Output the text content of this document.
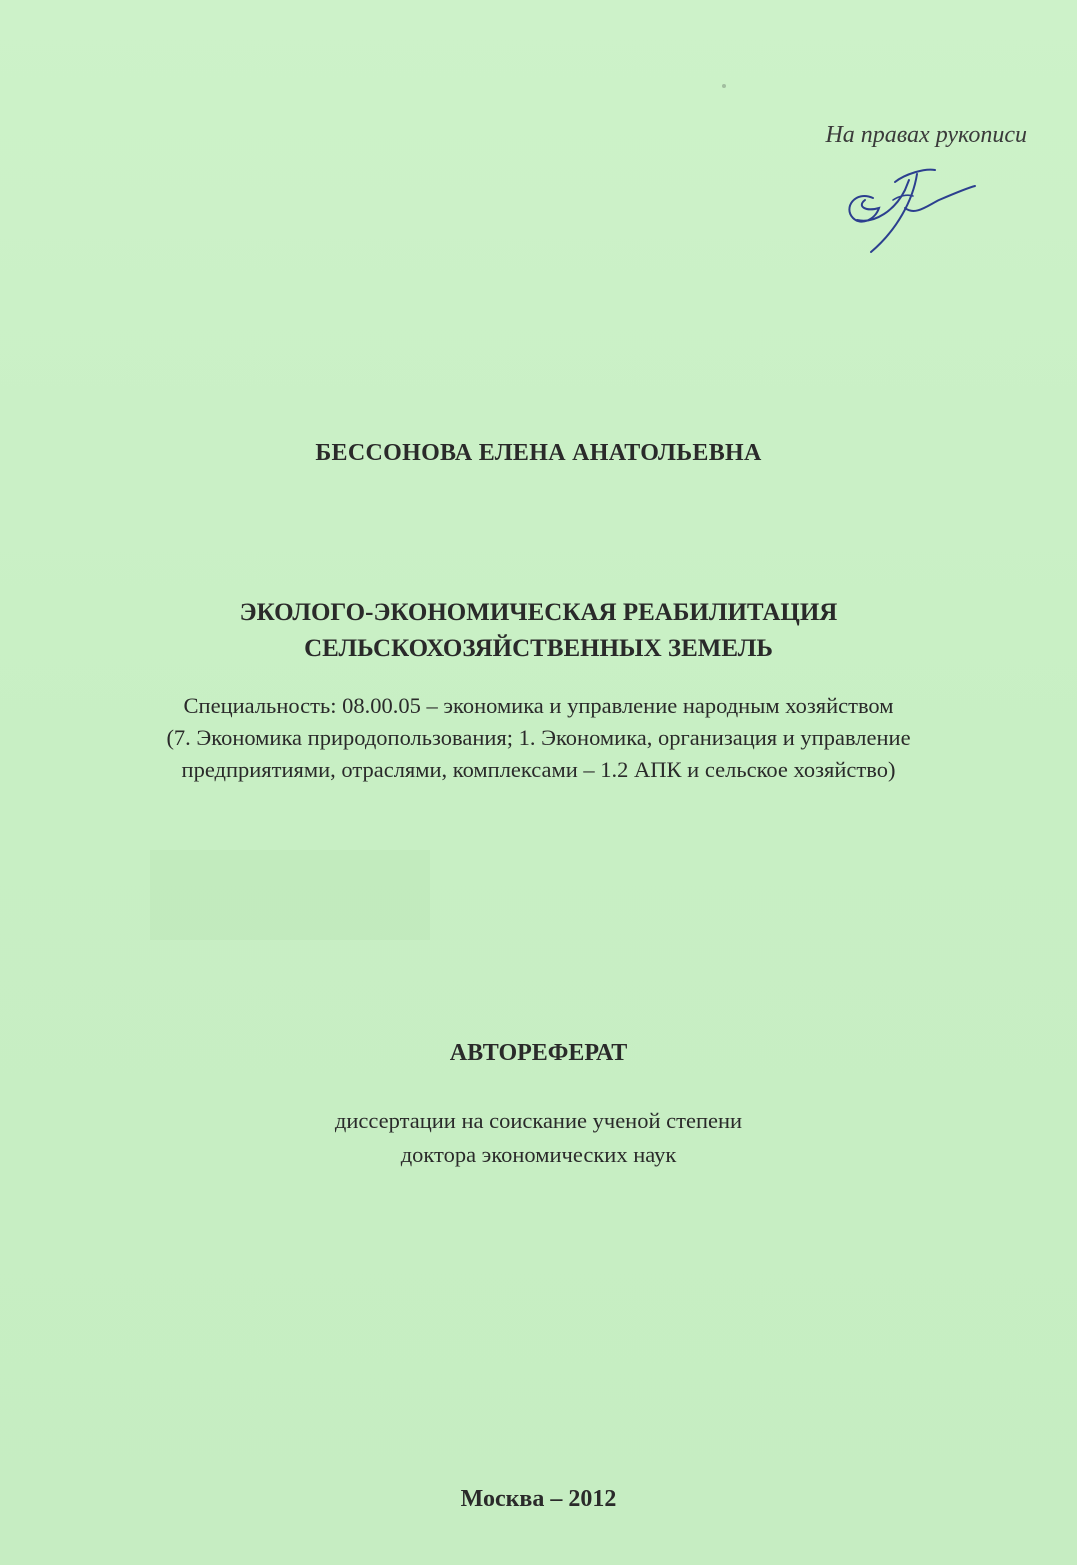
На правах рукописи
БЕССОНОВА ЕЛЕНА АНАТОЛЬЕВНА
ЭКОЛОГО-ЭКОНОМИЧЕСКАЯ РЕАБИЛИТАЦИЯ
СЕЛЬСКОХОЗЯЙСТВЕННЫХ ЗЕМЕЛЬ
Специальность: 08.00.05 – экономика и управление народным хозяйством
(7. Экономика природопользования; 1. Экономика, организация и управление
предприятиями, отраслями, комплексами – 1.2 АПК и сельское хозяйство)
АВТОРЕФЕРАТ
диссертации на соискание ученой степени
доктора экономических наук
Москва – 2012
